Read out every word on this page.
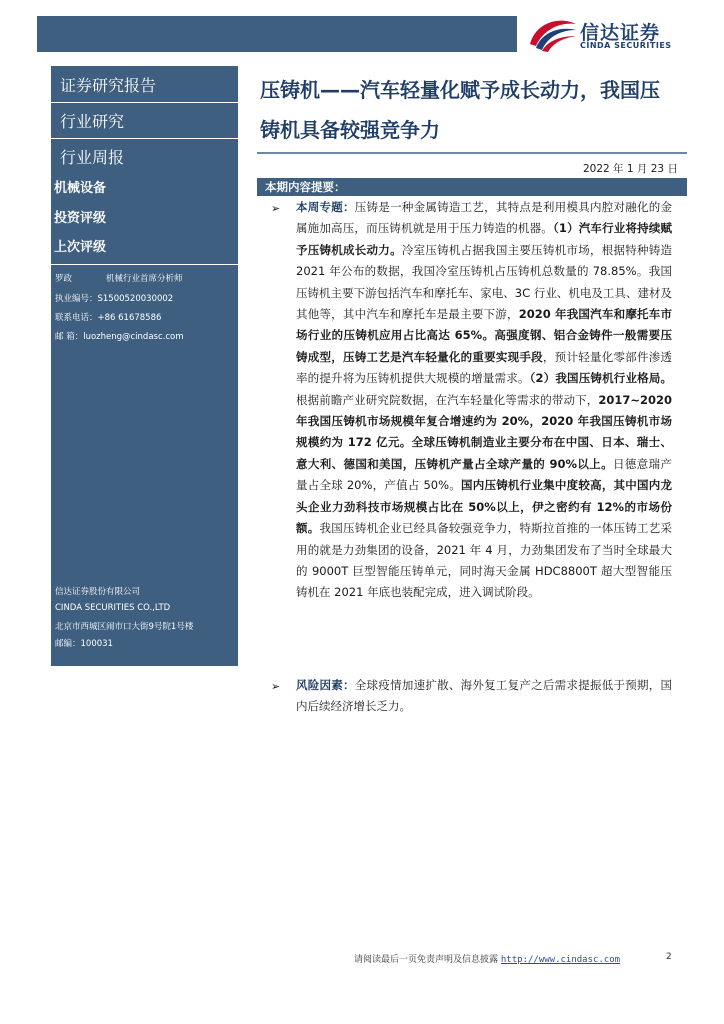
信达证券
CINDA SECURITIES
证券研究报告
行业研究
行业周报
机械设备
投资评级
上次评级
罗政	机械行业首席分析师
执业编号：S1500520030002
联系电话：+86 61678586
邮 箱：luozheng@cindasc.com
信达证券股份有限公司
CINDA SECURITIES CO.,LTD
北京市西城区闹市口大街9号院1号楼
邮编：100031
压铸机——汽车轻量化赋予成长动力，我国压
铸机具备较强竞争力
2022 年 1 月 23 日
本期内容提要：
➢ 本周专题：压铸是一种金属铸造工艺，其特点是利用模具内腔对融化的金属施加高压，而压铸机就是用于压力铸造的机器。（1）汽车行业将持续赋予压铸机成长动力。冷室压铸机占据我国主要压铸机市场，根据特种铸造 2021 年公布的数据，我国冷室压铸机占压铸机总数量的 78.85%。我国压铸机主要下游包括汽车和摩托车、家电、3C 行业、机电及工具、建材及其他等，其中汽车和摩托车是最主要下游，2020 年我国汽车和摩托车市场行业的压铸机应用占比高达 65%。高强度钢、铝合金铸件一般需要压铸成型，压铸工艺是汽车轻量化的重要实现手段，预计轻量化零部件渗透率的提升将为压铸机提供大规模的增量需求。（2）我国压铸机行业格局。根据前瞻产业研究院数据，在汽车轻量化等需求的带动下，2017~2020 年我国压铸机市场规模年复合增速约为 20%，2020 年我国压铸机市场规模约为 172 亿元。全球压铸机制造业主要分布在中国、日本、瑞士、意大利、德国和美国，压铸机产量占全球产量的 90%以上。日德意瑞产量占全球 20%，产值占 50%。国内压铸机行业集中度较高，其中国内龙头企业力劲科技市场规模占比在 50%以上，伊之密约有 12%的市场份额。我国压铸机企业已经具备较强竞争力，特斯拉首推的一体压铸工艺采用的就是力劲集团的设备，2021 年 4 月，力劲集团发布了当时全球最大的 9000T 巨型智能压铸单元，同时海天金属 HDC8800T 超大型智能压铸机在 2021 年底也装配完成，进入调试阶段。

➢ 风险因素：全球疫情加速扩散、海外复工复产之后需求提振低于预期，国内后续经济增长乏力。

请阅读最后一页免责声明及信息披露 http://www.cindasc.com	2
